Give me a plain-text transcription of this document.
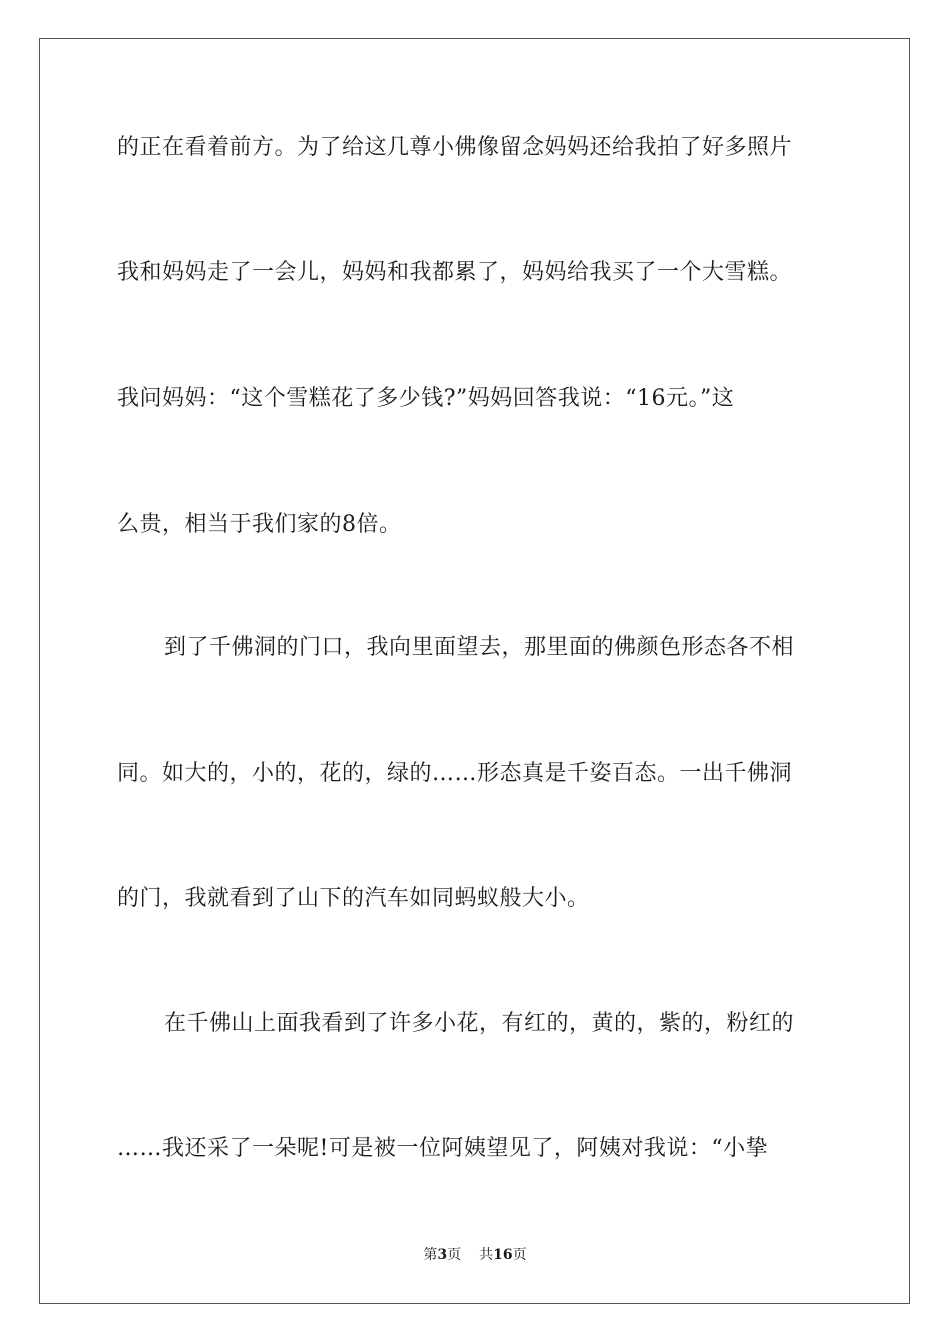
的正在看着前方。为了给这几尊小佛像留念妈妈还给我拍了好多照片
我和妈妈走了一会儿，妈妈和我都累了，妈妈给我买了一个大雪糕。
我问妈妈：“这个雪糕花了多少钱?”妈妈回答我说：“16元。”这
么贵，相当于我们家的8倍。
到了千佛洞的门口，我向里面望去，那里面的佛颜色形态各不相
同。如大的，小的，花的，绿的……形态真是千姿百态。一出千佛洞
的门，我就看到了山下的汽车如同蚂蚁般大小。
在千佛山上面我看到了许多小花，有红的，黄的，紫的，粉红的
……我还采了一朵呢!可是被一位阿姨望见了，阿姨对我说：“小挚
第3页 共16页
